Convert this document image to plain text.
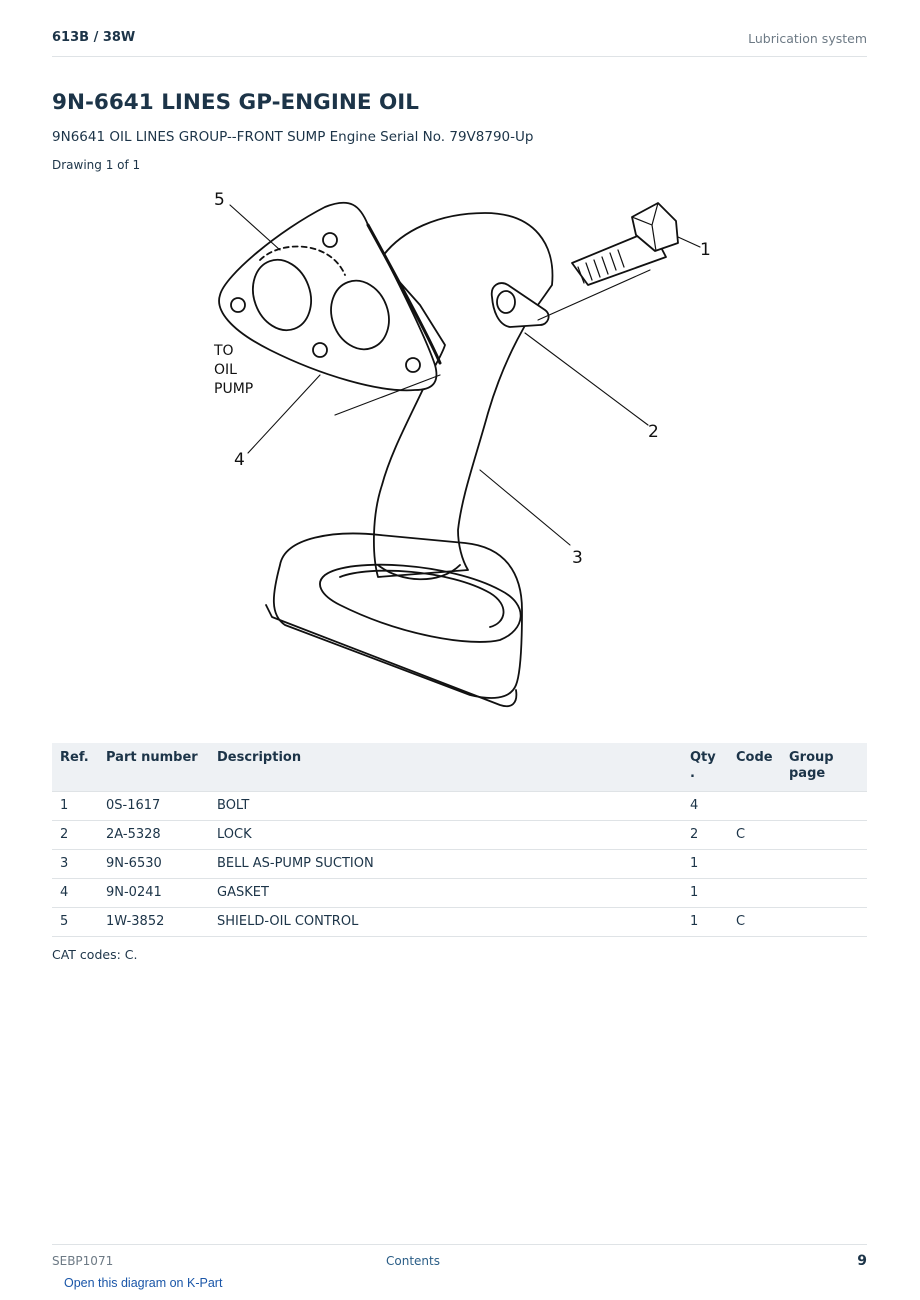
613B / 38W	Lubrication system
9N-6641 LINES GP-ENGINE OIL
9N6641 OIL LINES GROUP--FRONT SUMP Engine Serial No. 79V8790-Up
Drawing 1 of 1
5
1
2
3
4
TO
OIL
PUMP
Ref.	Part number	Description	Qty .	Code	Group page
1	0S-1617	BOLT	4		
2	2A-5328	LOCK	2	C	
3	9N-6530	BELL AS-PUMP SUCTION	1		
4	9N-0241	GASKET	1		
5	1W-3852	SHIELD-OIL CONTROL	1	C	
CAT codes: C.
SEBP1071	Contents	9
Open this diagram on K-Part
